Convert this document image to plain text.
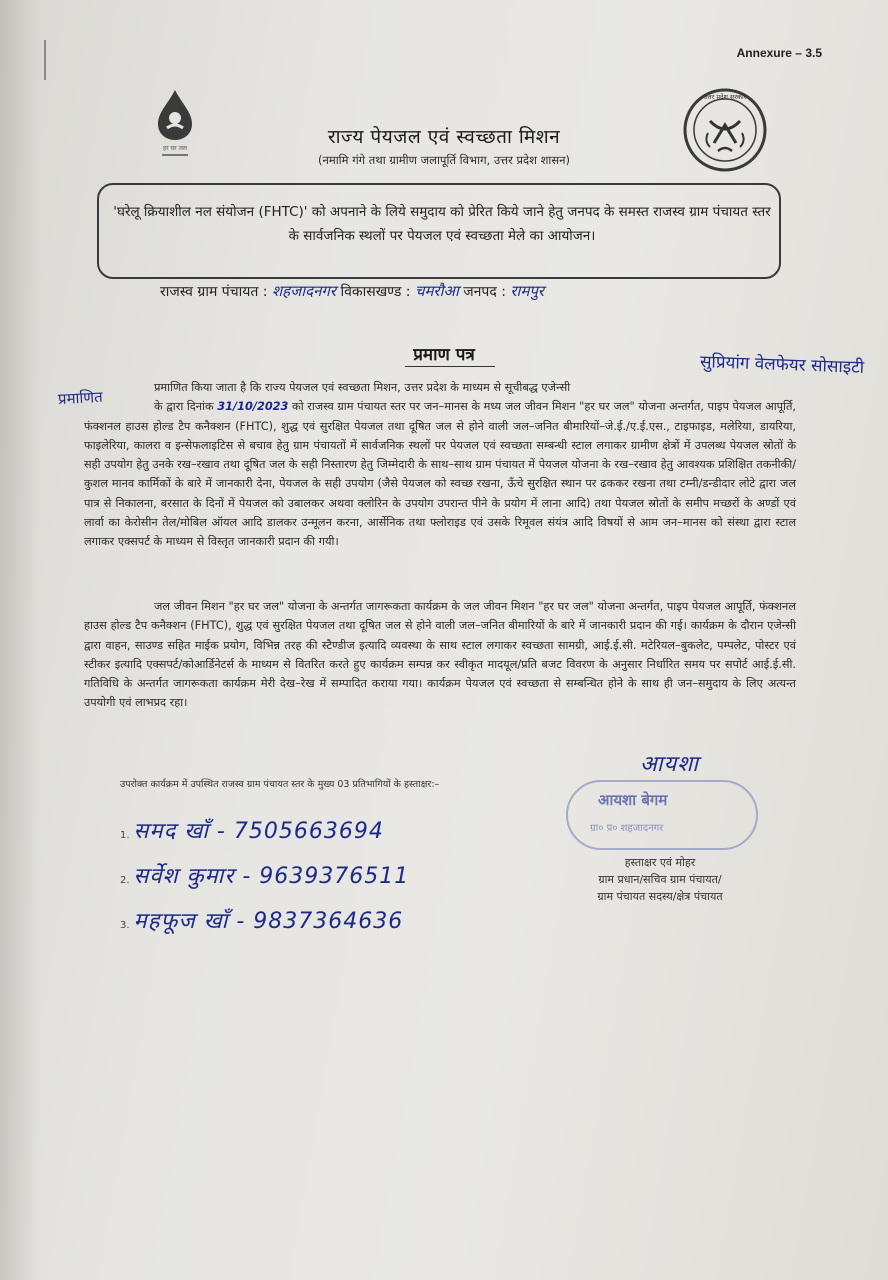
Annexure – 3.5
हर घर जल
उत्तर प्रदेश सरकार
राज्य पेयजल एवं स्वच्छता मिशन
(नमामि गंगे तथा ग्रामीण जलापूर्ति विभाग, उत्तर प्रदेश शासन)
'घरेलू क्रियाशील नल संयोजन (FHTC)' को अपनाने के लिये समुदाय को प्रेरित किये जाने हेतु जनपद के समस्त राजस्व ग्राम पंचायत स्तर के सार्वजनिक स्थलों पर पेयजल एवं स्वच्छता मेले का आयोजन।
राजस्व ग्राम पंचायत : शहजादनगर विकासखण्ड : चमरौआ जनपद : रामपुर
प्रमाण पत्र	सुप्रियांग वेलफेयर सोसाइटी
प्रमाणित
प्रमाणित किया जाता है कि राज्य पेयजल एवं स्वच्छता मिशन, उत्तर प्रदेश के माध्यम से सूचीबद्ध एजेन्सी
के द्वारा दिनांक 31/10/2023 को राजस्व ग्राम पंचायत स्तर पर जन–मानस के मध्य जल जीवन मिशन "हर घर जल" योजना अन्तर्गत, पाइप पेयजल आपूर्ति, फंक्शनल हाउस होल्ड टैप कनैक्शन (FHTC), शुद्ध एवं सुरक्षित पेयजल तथा दूषित जल से होने वाली जल–जनित बीमारियों–जे.ई./ए.ई.एस., टाइफाइड, मलेरिया, डायरिया, फाइलेरिया, कालरा व इन्सेफलाइटिस से बचाव हेतु ग्राम पंचायतों में सार्वजनिक स्थलों पर पेयजल एवं स्वच्छता सम्बन्धी स्टाल लगाकर ग्रामीण क्षेत्रों में उपलब्ध पेयजल स्रोतों के सही उपयोग हेतु उनके रख–रखाव तथा दूषित जल के सही निस्तारण हेतु जिम्मेदारी के साथ–साथ ग्राम पंचायत में पेयजल योजना के रख–रखाव हेतु आवश्यक प्रशिक्षित तकनीकी/कुशल मानव कार्मिकों के बारे में जानकारी देना, पेयजल के सही उपयोग (जैसे पेयजल को स्वच्छ रखना, ऊँचे सुरक्षित स्थान पर ढककर रखना तथा टम्नी/डन्डीदार लोटे द्वारा जल पात्र से निकालना, बरसात के दिनों में पेयजल को उबालकर अथवा क्लोरिन के उपयोग उपरान्त पीने के प्रयोग में लाना आदि) तथा पेयजल स्रोतों के समीप मच्छरों के अण्डों एवं लार्वा का केरोसीन तेल/मोबिल ऑयल आदि डालकर उन्मूलन करना, आर्सेनिक तथा फ्लोराइड एवं उसके रिमूवल संयंत्र आदि विषयों से आम जन–मानस को संस्था द्वारा स्टाल लगाकर एक्सपर्ट के माध्यम से विस्तृत जानकारी प्रदान की गयी।
जल जीवन मिशन "हर घर जल" योजना के अन्तर्गत जागरूकता कार्यक्रम के जल जीवन मिशन "हर घर जल" योजना अन्तर्गत, पाइप पेयजल आपूर्ति, फंक्शनल हाउस होल्ड टैप कनैक्शन (FHTC), शुद्ध एवं सुरक्षित पेयजल तथा दूषित जल से होने वाली जल–जनित बीमारियों के बारे में जानकारी प्रदान की गई। कार्यक्रम के दौरान एजेन्सी द्वारा वाहन, साउण्ड सहित माईक प्रयोग, विभिन्न तरह की स्टैण्डीज इत्यादि व्यवस्था के साथ स्टाल लगाकर स्वच्छता सामग्री, आई.ई.सी. मटेरियल–बुकलेट, पम्पलेट, पोस्टर एवं स्टीकर इत्यादि एक्सपर्ट/कोआर्डिनेटर्स के माध्यम से वितरित करते हुए कार्यक्रम सम्पन्न कर स्वीकृत मादयूल/प्रति बजट विवरण के अनुसार निर्धारित समय पर सपोर्ट आई.ई.सी. गतिविधि के अन्तर्गत जागरूकता कार्यक्रम मेरी देख–रेख में सम्पादित कराया गया। कार्यक्रम पेयजल एवं स्वच्छता से सम्बन्धित होने के साथ ही जन–समुदाय के लिए अत्यन्त उपयोगी एवं लाभप्रद रहा।
उपरोक्त कार्यक्रम में उपस्थित राजस्व ग्राम पंचायत स्तर के मुख्य 03 प्रतिभागियों के हस्ताक्षर:–
1. समद खाँ - 7505663694
2. सर्वेश कुमार - 9639376511
3. महफूज खाँ - 9837364636
आयशा
आयशा बेगम
ग्रा० प्र० शहजादनगर
हस्ताक्षर एवं मोहर
ग्राम प्रधान/सचिव ग्राम पंचायत/
ग्राम पंचायत सदस्य/क्षेत्र पंचायत
